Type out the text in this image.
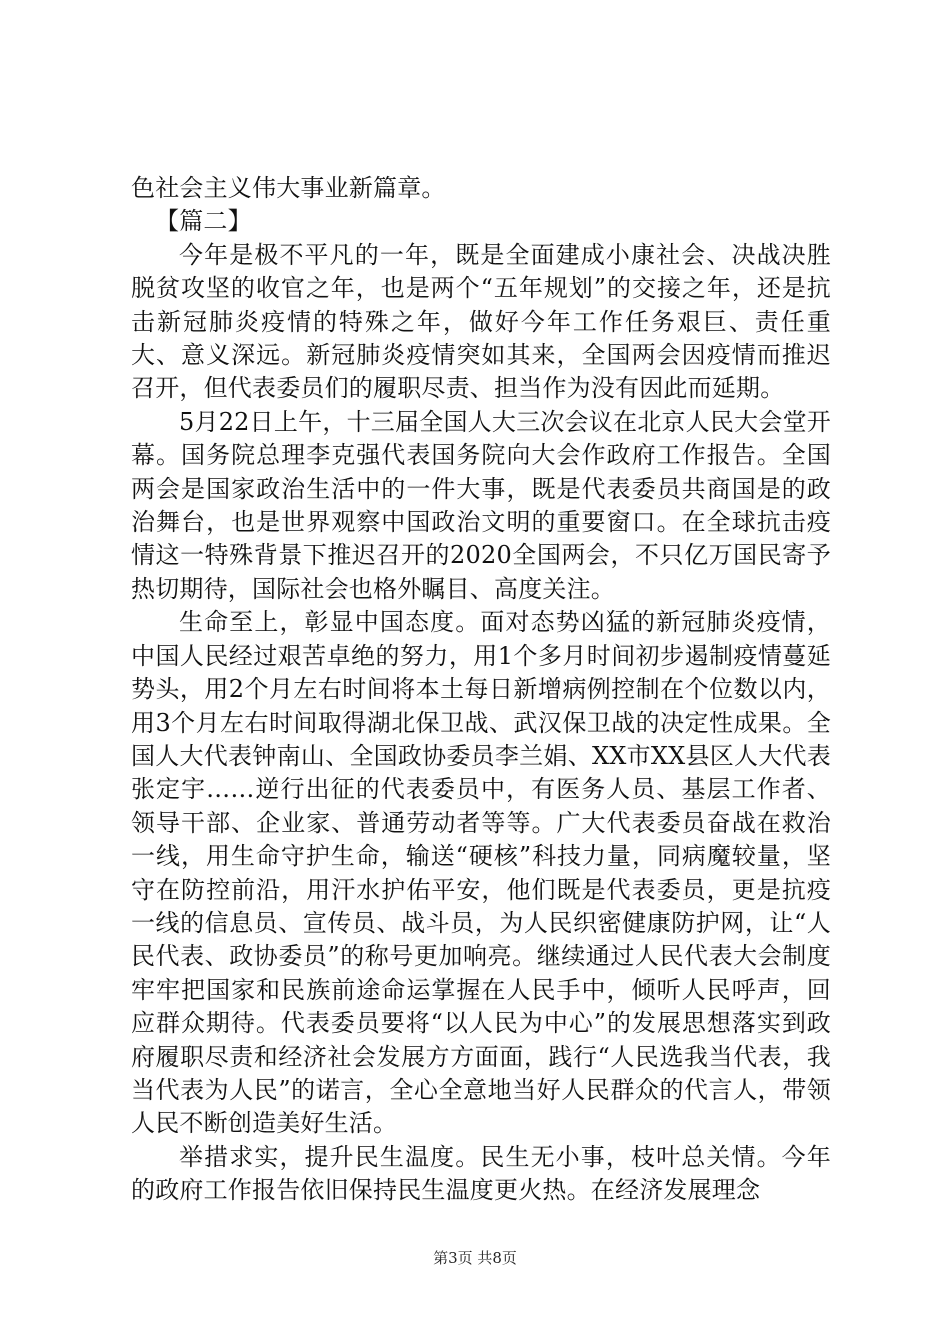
色社会主义伟大事业新篇章。

【篇二】

今年是极不平凡的一年，既是全面建成小康社会、决战决胜脱贫攻坚的收官之年，也是两个“五年规划”的交接之年，还是抗击新冠肺炎疫情的特殊之年，做好今年工作任务艰巨、责任重大、意义深远。新冠肺炎疫情突如其来，全国两会因疫情而推迟召开，但代表委员们的履职尽责、担当作为没有因此而延期。

5月22日上午，十三届全国人大三次会议在北京人民大会堂开幕。国务院总理李克强代表国务院向大会作政府工作报告。全国两会是国家政治生活中的一件大事，既是代表委员共商国是的政治舞台，也是世界观察中国政治文明的重要窗口。在全球抗击疫情这一特殊背景下推迟召开的2020全国两会，不只亿万国民寄予热切期待，国际社会也格外瞩目、高度关注。

生命至上，彰显中国态度。面对态势凶猛的新冠肺炎疫情，中国人民经过艰苦卓绝的努力，用1个多月时间初步遏制疫情蔓延势头，用2个月左右时间将本土每日新增病例控制在个位数以内，用3个月左右时间取得湖北保卫战、武汉保卫战的决定性成果。全国人大代表钟南山、全国政协委员李兰娟、XX市XX县区人大代表张定宇……逆行出征的代表委员中，有医务人员、基层工作者、领导干部、企业家、普通劳动者等等。广大代表委员奋战在救治一线，用生命守护生命，输送“硬核”科技力量，同病魔较量，坚守在防控前沿，用汗水护佑平安，他们既是代表委员，更是抗疫一线的信息员、宣传员、战斗员，为人民织密健康防护网，让“人民代表、政协委员”的称号更加响亮。继续通过人民代表大会制度牢牢把国家和民族前途命运掌握在人民手中，倾听人民呼声，回应群众期待。代表委员要将“以人民为中心”的发展思想落实到政府履职尽责和经济社会发展方方面面，践行“人民选我当代表，我当代表为人民”的诺言，全心全意地当好人民群众的代言人，带领人民不断创造美好生活。

举措求实，提升民生温度。民生无小事，枝叶总关情。今年的政府工作报告依旧保持民生温度更火热。在经济发展理念

第3页 共8页
